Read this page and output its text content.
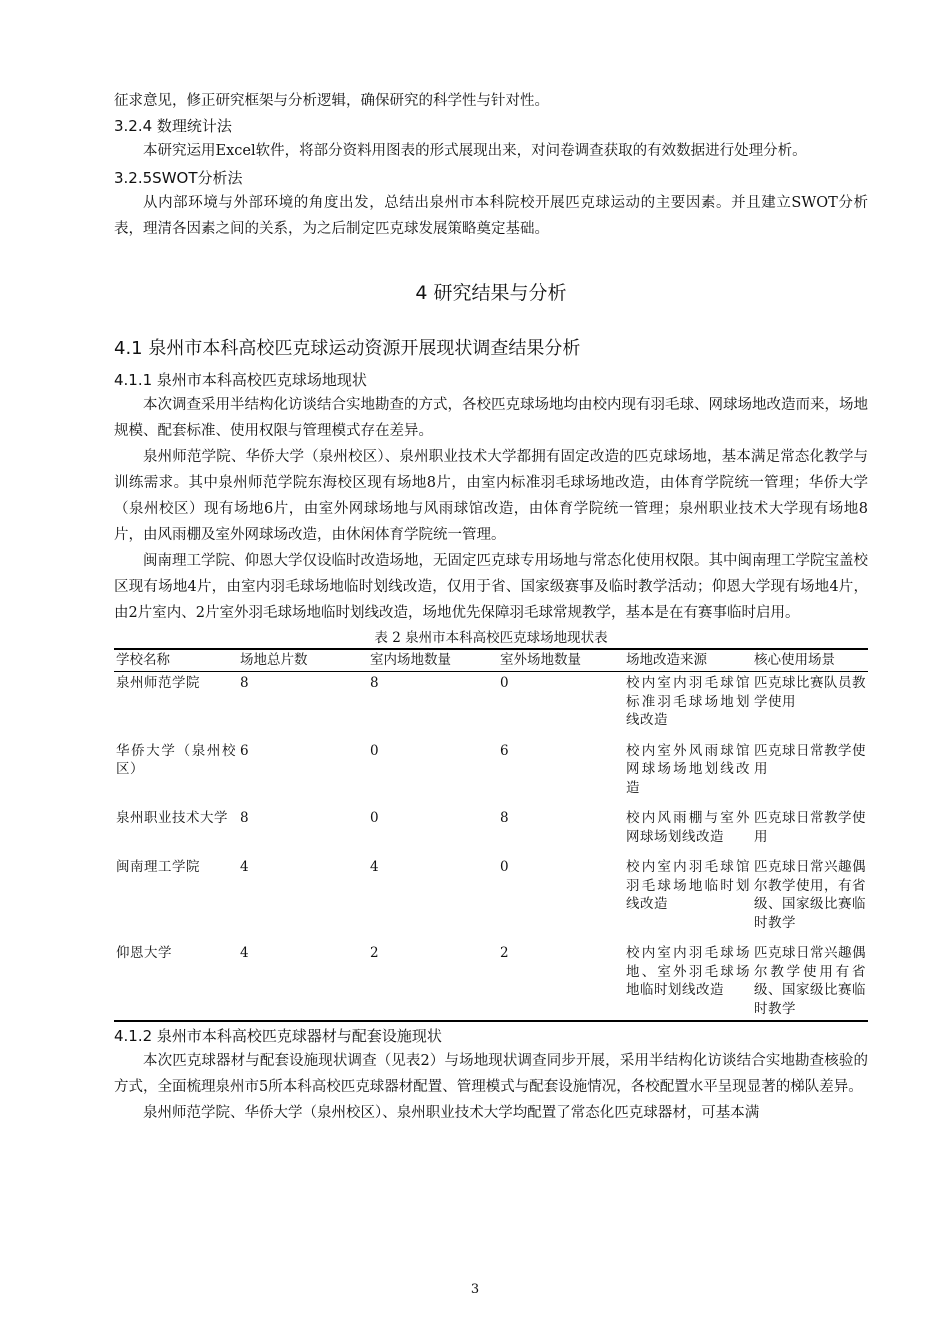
征求意见，修正研究框架与分析逻辑，确保研究的科学性与针对性。

3.2.4 数理统计法

本研究运用Excel软件，将部分资料用图表的形式展现出来，对问卷调查获取的有效数据进行处理分析。

3.2.5SWOT分析法

从内部环境与外部环境的角度出发，总结出泉州市本科院校开展匹克球运动的主要因素。并且建立SWOT分析表，理清各因素之间的关系，为之后制定匹克球发展策略奠定基础。

4 研究结果与分析
4.1 泉州市本科高校匹克球运动资源开展现状调查结果分析
4.1.1 泉州市本科高校匹克球场地现状

本次调查采用半结构化访谈结合实地勘查的方式，各校匹克球场地均由校内现有羽毛球、网球场地改造而来，场地规模、配套标准、使用权限与管理模式存在差异。

泉州师范学院、华侨大学（泉州校区）、泉州职业技术大学都拥有固定改造的匹克球场地，基本满足常态化教学与训练需求。其中泉州师范学院东海校区现有场地8片，由室内标准羽毛球场地改造，由体育学院统一管理；华侨大学（泉州校区）现有场地6片，由室外网球场地与风雨球馆改造，由体育学院统一管理；泉州职业技术大学现有场地8片，由风雨棚及室外网球场改造，由休闲体育学院统一管理。

闽南理工学院、仰恩大学仅设临时改造场地，无固定匹克球专用场地与常态化使用权限。其中闽南理工学院宝盖校区现有场地4片，由室内羽毛球场地临时划线改造，仅用于省、国家级赛事及临时教学活动；仰恩大学现有场地4片，由2片室内、2片室外羽毛球场地临时划线改造，场地优先保障羽毛球常规教学，基本是在有赛事临时启用。

表 2 泉州市本科高校匹克球场地现状表
学校名称	场地总片数	室内场地数量	室外场地数量	场地改造来源	核心使用场景
泉州师范学院	8	8	0	校内室内羽毛球馆标准羽毛球场地划线改造	匹克球比赛队员教学使用
华侨大学（泉州校区）	6	0	6	校内室外风雨球馆网球场场地划线改造	匹克球日常教学使用
泉州职业技术大学	8	0	8	校内风雨棚与室外网球场划线改造	匹克球日常教学使用
闽南理工学院	4	4	0	校内室内羽毛球馆羽毛球场地临时划线改造	匹克球日常兴趣偶尔教学使用，有省级、国家级比赛临时教学
仰恩大学	4	2	2	校内室内羽毛球场地、室外羽毛球场地临时划线改造	匹克球日常兴趣偶尔教学使用有省级、国家级比赛临时教学
4.1.2 泉州市本科高校匹克球器材与配套设施现状

本次匹克球器材与配套设施现状调查（见表2）与场地现状调查同步开展，采用半结构化访谈结合实地勘查核验的方式，全面梳理泉州市5所本科高校匹克球器材配置、管理模式与配套设施情况，各校配置水平呈现显著的梯队差异。

泉州师范学院、华侨大学（泉州校区）、泉州职业技术大学均配置了常态化匹克球器材，可基本满

3
